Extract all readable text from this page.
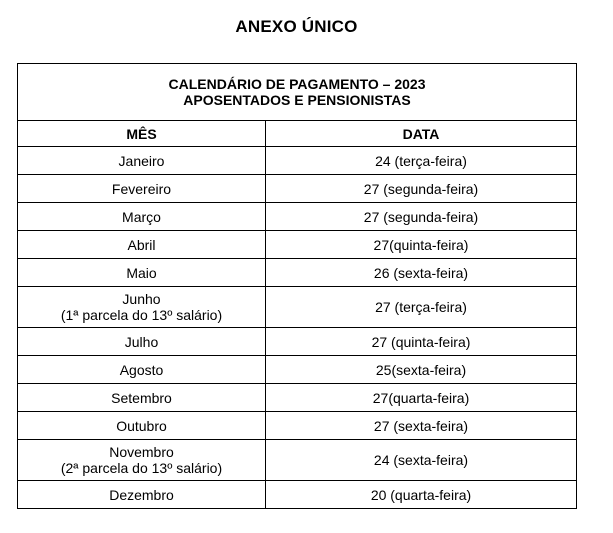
ANEXO ÚNICO
CALENDÁRIO DE PAGAMENTO – 2023
APOSENTADOS E PENSIONISTAS	

MÊS	DATA
Janeiro	24 (terça-feira)
Fevereiro	27 (segunda-feira)
Março	27 (segunda-feira)
Abril	27(quinta-feira)
Maio	26 (sexta-feira)

Junho
(1ª parcela do 13º salário)	27 (terça-feira)
Julho	27 (quinta-feira)
Agosto	25(sexta-feira)
Setembro	27(quarta-feira)
Outubro	27 (sexta-feira)

Novembro
(2ª parcela do 13º salário)	24 (sexta-feira)
Dezembro	20 (quarta-feira)
